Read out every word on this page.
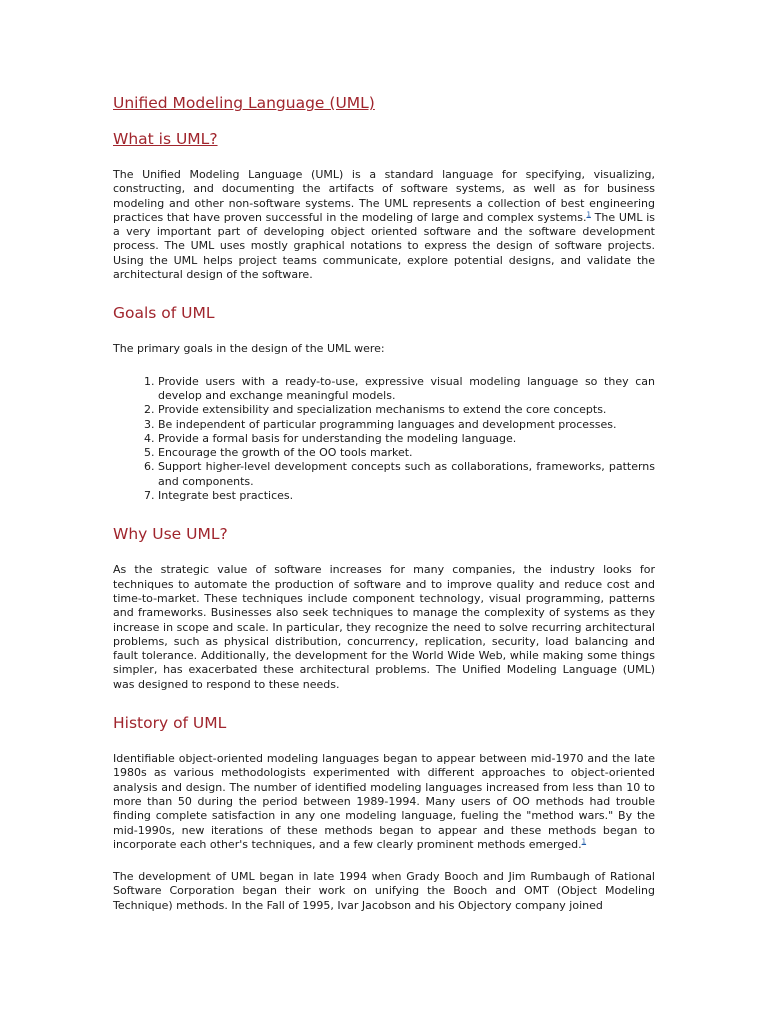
Unified Modeling Language (UML)
What is UML?

The Unified Modeling Language (UML) is a standard language for specifying, visualizing, constructing, and documenting the artifacts of software systems, as well as for business modeling and other non-software systems. The UML represents a collection of best engineering practices that have proven successful in the modeling of large and complex systems.$^1$ The UML is a very important part of developing object oriented software and the software development process. The UML uses mostly graphical notations to express the design of software projects. Using the UML helps project teams communicate, explore potential designs, and validate the architectural design of the software.

Goals of UML

The primary goals in the design of the UML were:

1. Provide users with a ready-to-use, expressive visual modeling language so they can develop and exchange meaningful models.
2. Provide extensibility and specialization mechanisms to extend the core concepts.
3. Be independent of particular programming languages and development processes.
4. Provide a formal basis for understanding the modeling language.
5. Encourage the growth of the OO tools market.
6. Support higher-level development concepts such as collaborations, frameworks, patterns and components.
7. Integrate best practices.
Why Use UML?

As the strategic value of software increases for many companies, the industry looks for techniques to automate the production of software and to improve quality and reduce cost and time-to-market. These techniques include component technology, visual programming, patterns and frameworks. Businesses also seek techniques to manage the complexity of systems as they increase in scope and scale. In particular, they recognize the need to solve recurring architectural problems, such as physical distribution, concurrency, replication, security, load balancing and fault tolerance. Additionally, the development for the World Wide Web, while making some things simpler, has exacerbated these architectural problems. The Unified Modeling Language (UML) was designed to respond to these needs.

History of UML

Identifiable object-oriented modeling languages began to appear between mid-1970 and the late 1980s as various methodologists experimented with different approaches to object-oriented analysis and design. The number of identified modeling languages increased from less than 10 to more than 50 during the period between 1989-1994. Many users of OO methods had trouble finding complete satisfaction in any one modeling language, fueling the "method wars." By the mid-1990s, new iterations of these methods began to appear and these methods began to incorporate each other's techniques, and a few clearly prominent methods emerged.$^1$

The development of UML began in late 1994 when Grady Booch and Jim Rumbaugh of Rational Software Corporation began their work on unifying the Booch and OMT (Object Modeling Technique) methods. In the Fall of 1995, Ivar Jacobson and his Objectory company joined
